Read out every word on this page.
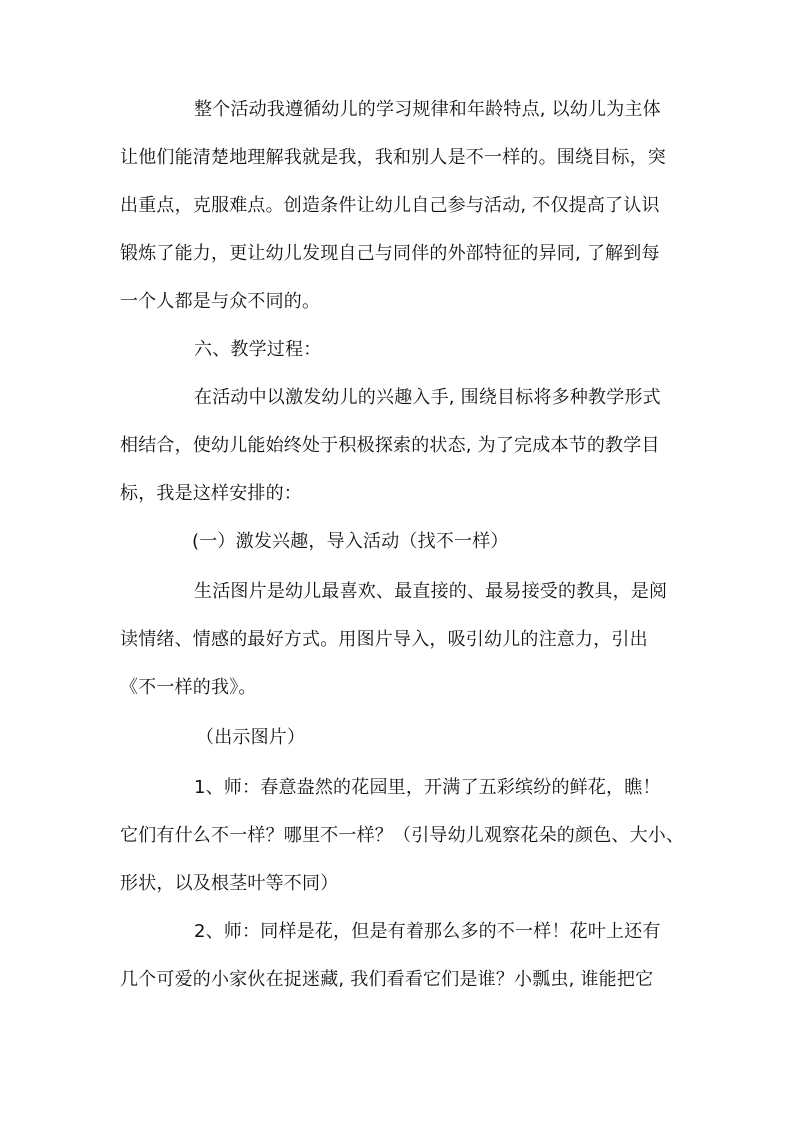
整个活动我遵循幼儿的学习规律和年龄特点, 以幼儿为主体
让他们能清楚地理解我就是我，我和别人是不一样的。围绕目标，突
出重点，克服难点。创造条件让幼儿自己参与活动, 不仅提高了认识
锻炼了能力，更让幼儿发现自己与同伴的外部特征的异同, 了解到每
一个人都是与众不同的。
六、教学过程：
在活动中以激发幼儿的兴趣入手, 围绕目标将多种教学形式
相结合，使幼儿能始终处于积极探索的状态, 为了完成本节的教学目
标，我是这样安排的：
(一）激发兴趣，导入活动（找不一样）
生活图片是幼儿最喜欢、最直接的、最易接受的教具，是阅
读情绪、情感的最好方式。用图片导入，吸引幼儿的注意力，引出
《不一样的我》。
（出示图片）
1、师：春意盎然的花园里，开满了五彩缤纷的鲜花，瞧！
它们有什么不一样？哪里不一样？（引导幼儿观察花朵的颜色、大小、
形状，以及根茎叶等不同）
2、师：同样是花，但是有着那么多的不一样！花叶上还有
几个可爱的小家伙在捉迷藏, 我们看看它们是谁？小瓢虫, 谁能把它
